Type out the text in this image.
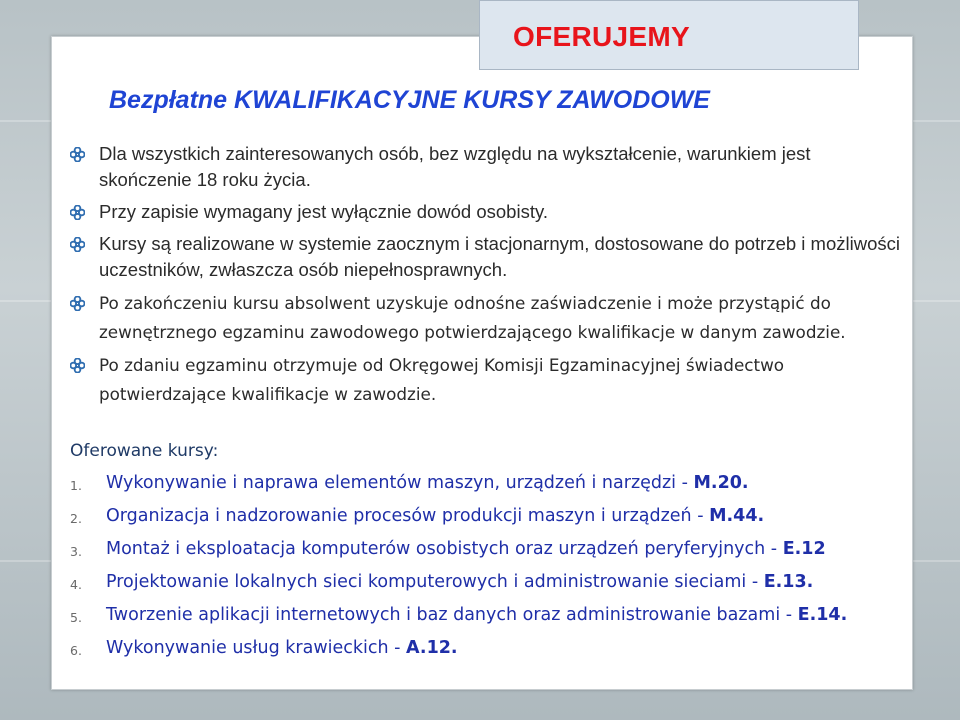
OFERUJEMY
Bezpłatne KWALIFIKACYJNE KURSY ZAWODOWE
Dla wszystkich zainteresowanych osób, bez względu na wykształcenie, warunkiem jest skończenie 18 roku życia.
Przy zapisie wymagany jest wyłącznie dowód osobisty.
Kursy są realizowane w systemie zaocznym i stacjonarnym, dostosowane do potrzeb i możliwości uczestników, zwłaszcza osób niepełnosprawnych.
Po zakończeniu kursu absolwent uzyskuje odnośne zaświadczenie i może przystąpić do zewnętrznego egzaminu zawodowego potwierdzającego kwalifikacje w danym zawodzie.
Po zdaniu egzaminu otrzymuje od Okręgowej Komisji Egzaminacyjnej świadectwo potwierdzające kwalifikacje w zawodzie.
Oferowane kursy:
1. Wykonywanie i naprawa elementów maszyn, urządzeń i narzędzi - M.20.
2. Organizacja i nadzorowanie procesów produkcji maszyn i urządzeń - M.44.
3. Montaż i eksploatacja komputerów osobistych oraz urządzeń peryferyjnych - E.12
4. Projektowanie lokalnych sieci komputerowych i administrowanie sieciami - E.13.
5. Tworzenie aplikacji internetowych i baz danych oraz administrowanie bazami - E.14.
6. Wykonywanie usług krawieckich - A.12.
